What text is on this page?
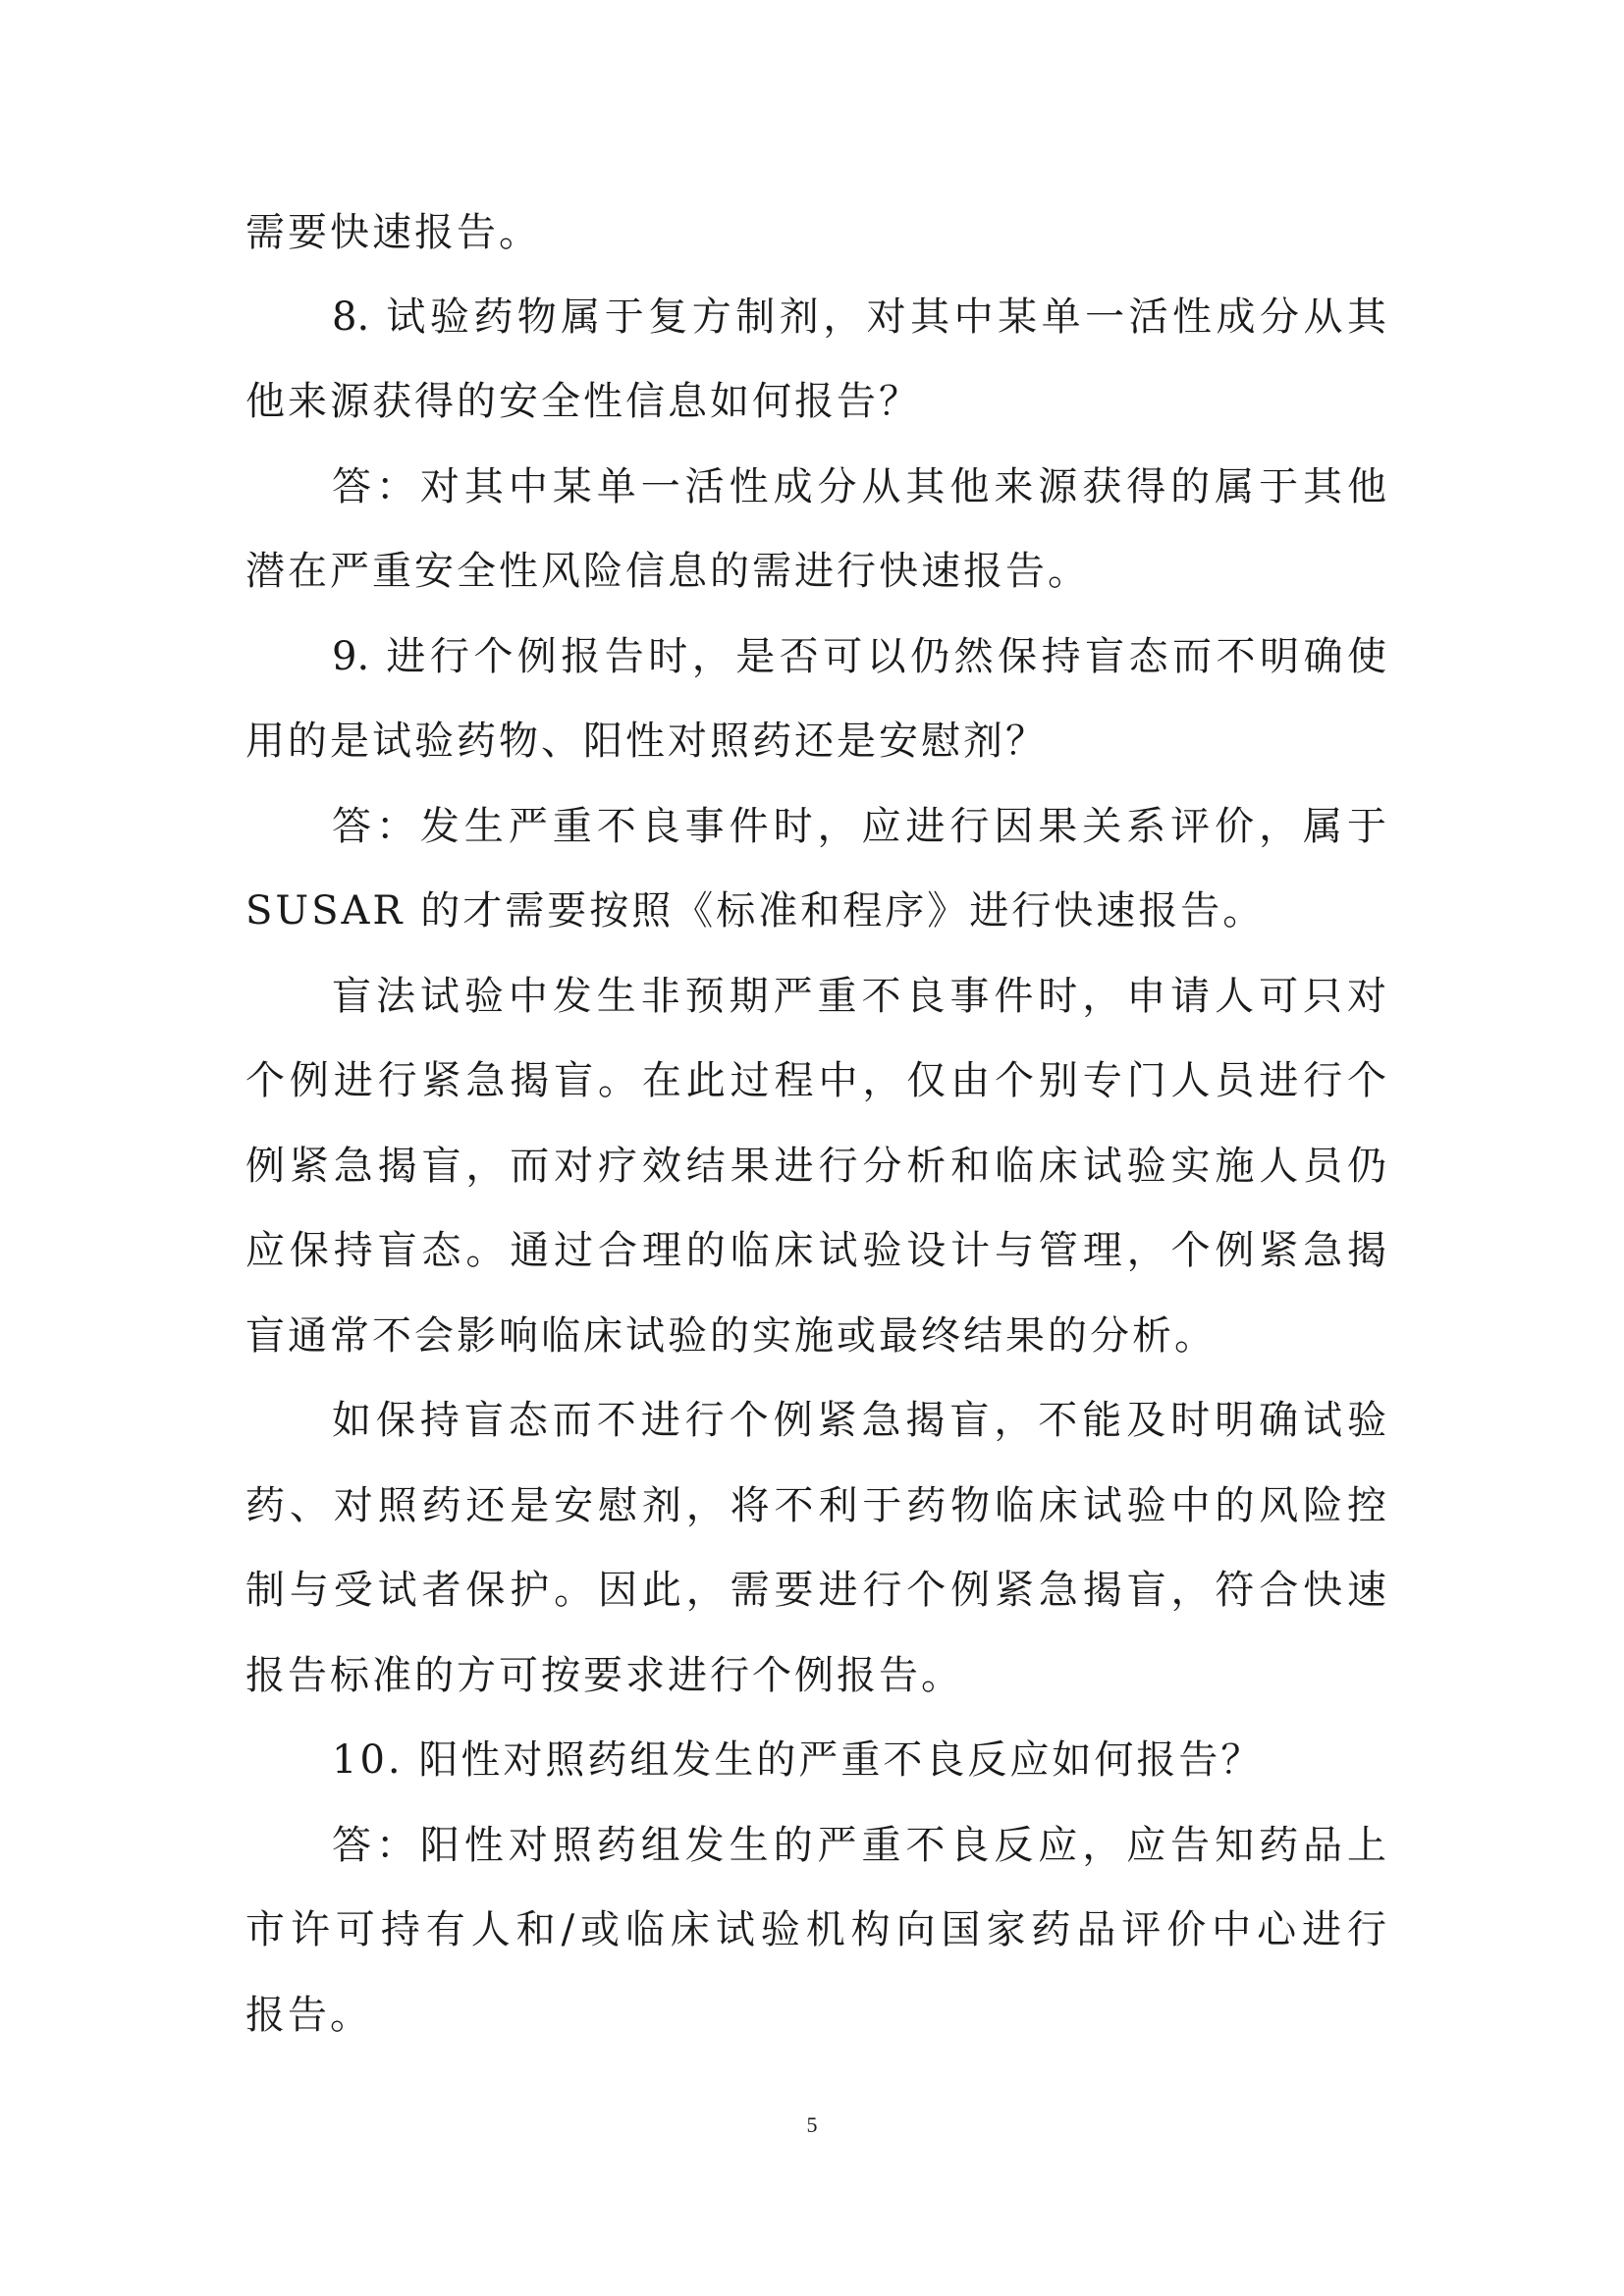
需要快速报告。
8. 试验药物属于复方制剂，对其中某单一活性成分从其
他来源获得的安全性信息如何报告？
答：对其中某单一活性成分从其他来源获得的属于其他
潜在严重安全性风险信息的需进行快速报告。
9. 进行个例报告时，是否可以仍然保持盲态而不明确使
用的是试验药物、阳性对照药还是安慰剂？
答：发生严重不良事件时，应进行因果关系评价，属于
SUSAR 的才需要按照《标准和程序》进行快速报告。
盲法试验中发生非预期严重不良事件时，申请人可只对
个例进行紧急揭盲。在此过程中，仅由个别专门人员进行个
例紧急揭盲，而对疗效结果进行分析和临床试验实施人员仍
应保持盲态。通过合理的临床试验设计与管理，个例紧急揭
盲通常不会影响临床试验的实施或最终结果的分析。
如保持盲态而不进行个例紧急揭盲，不能及时明确试验
药、对照药还是安慰剂，将不利于药物临床试验中的风险控
制与受试者保护。因此，需要进行个例紧急揭盲，符合快速
报告标准的方可按要求进行个例报告。
10. 阳性对照药组发生的严重不良反应如何报告？
答：阳性对照药组发生的严重不良反应，应告知药品上
市许可持有人和/或临床试验机构向国家药品评价中心进行
报告。
5
